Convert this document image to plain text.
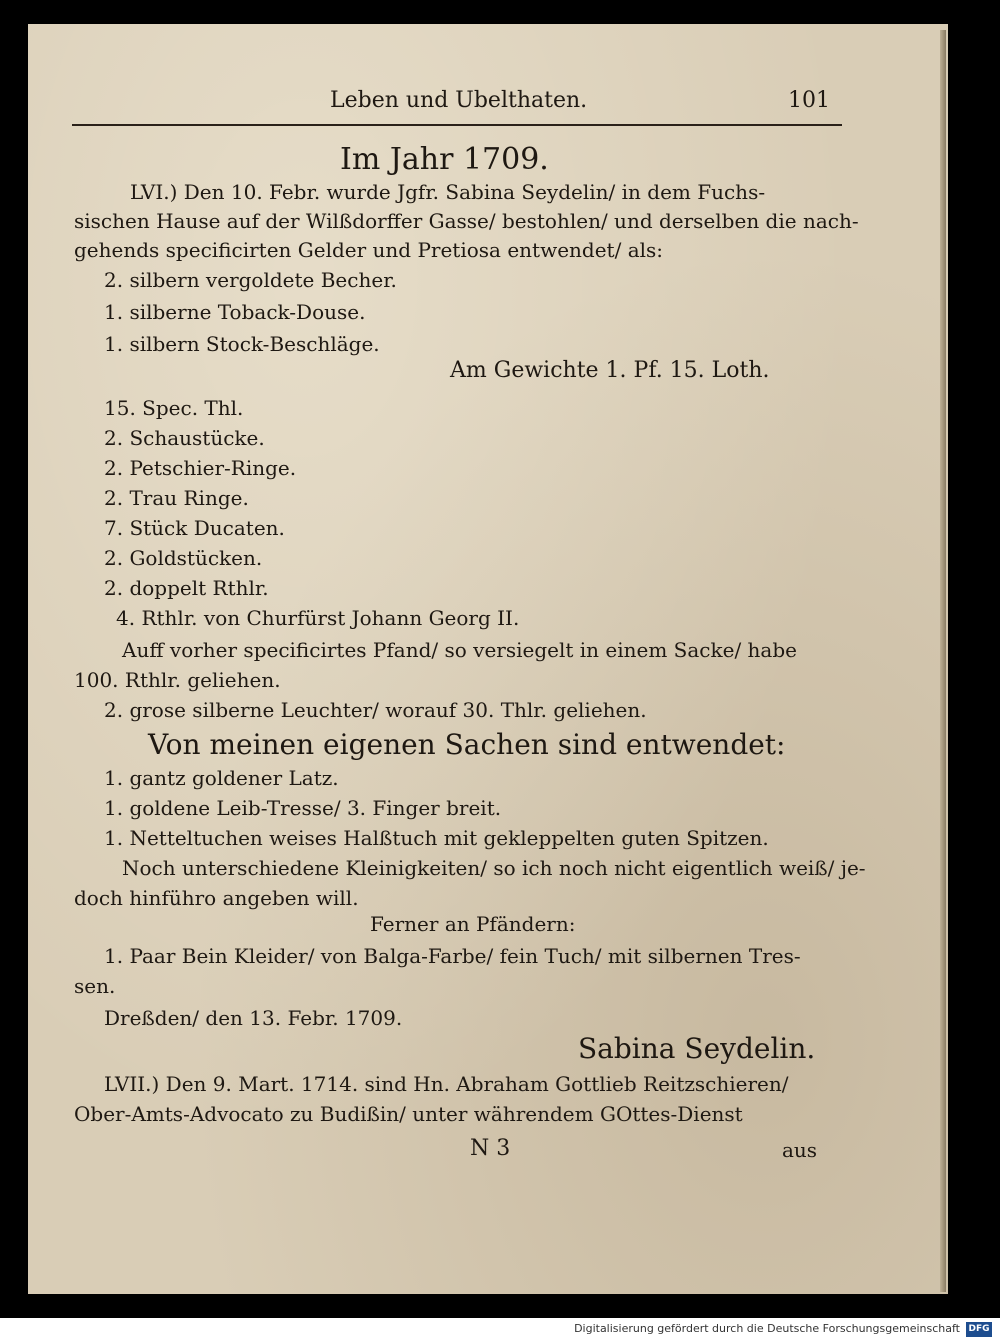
Leben und Ubelthaten.	101
Im Jahr 1709.
LVI.) Den 10. Febr. wurde Jgfr. Sabina Seydelin/ in dem Fuchs-
sischen Hause auf der Wilßdorffer Gasse/ bestohlen/ und derselben die nach-
gehends specificirten Gelder und Pretiosa entwendet/ als:
2. silbern vergoldete Becher.
1. silberne Toback-Douse.
1. silbern Stock-Beschläge.
Am Gewichte 1. Pf. 15. Loth.
15. Spec. Thl.
2. Schaustücke.
2. Petschier-Ringe.
2. Trau Ringe.
7. Stück Ducaten.
2. Goldstücken.
2. doppelt Rthlr.
4. Rthlr. von Churfürst Johann Georg II.
Auff vorher specificirtes Pfand/ so versiegelt in einem Sacke/ habe
100. Rthlr. geliehen.
2. grose silberne Leuchter/ worauf 30. Thlr. geliehen.
Von meinen eigenen Sachen sind entwendet:
1. gantz goldener Latz.
1. goldene Leib-Tresse/ 3. Finger breit.
1. Netteltuchen weises Halßtuch mit gekleppelten guten Spitzen.
Noch unterschiedene Kleinigkeiten/ so ich noch nicht eigentlich weiß/ je-
doch hinführo angeben will.
Ferner an Pfändern:
1. Paar Bein Kleider/ von Balga-Farbe/ fein Tuch/ mit silbernen Tres-
sen.
Dreßden/ den 13. Febr. 1709.
Sabina Seydelin.
LVII.) Den 9. Mart. 1714. sind Hn. Abraham Gottlieb Reitzschieren/
Ober-Amts-Advocato zu Budißin/ unter währendem GOttes-Dienst
N 3	aus
Digitalisierung gefördert durch die Deutsche Forschungsgemeinschaft DFG
